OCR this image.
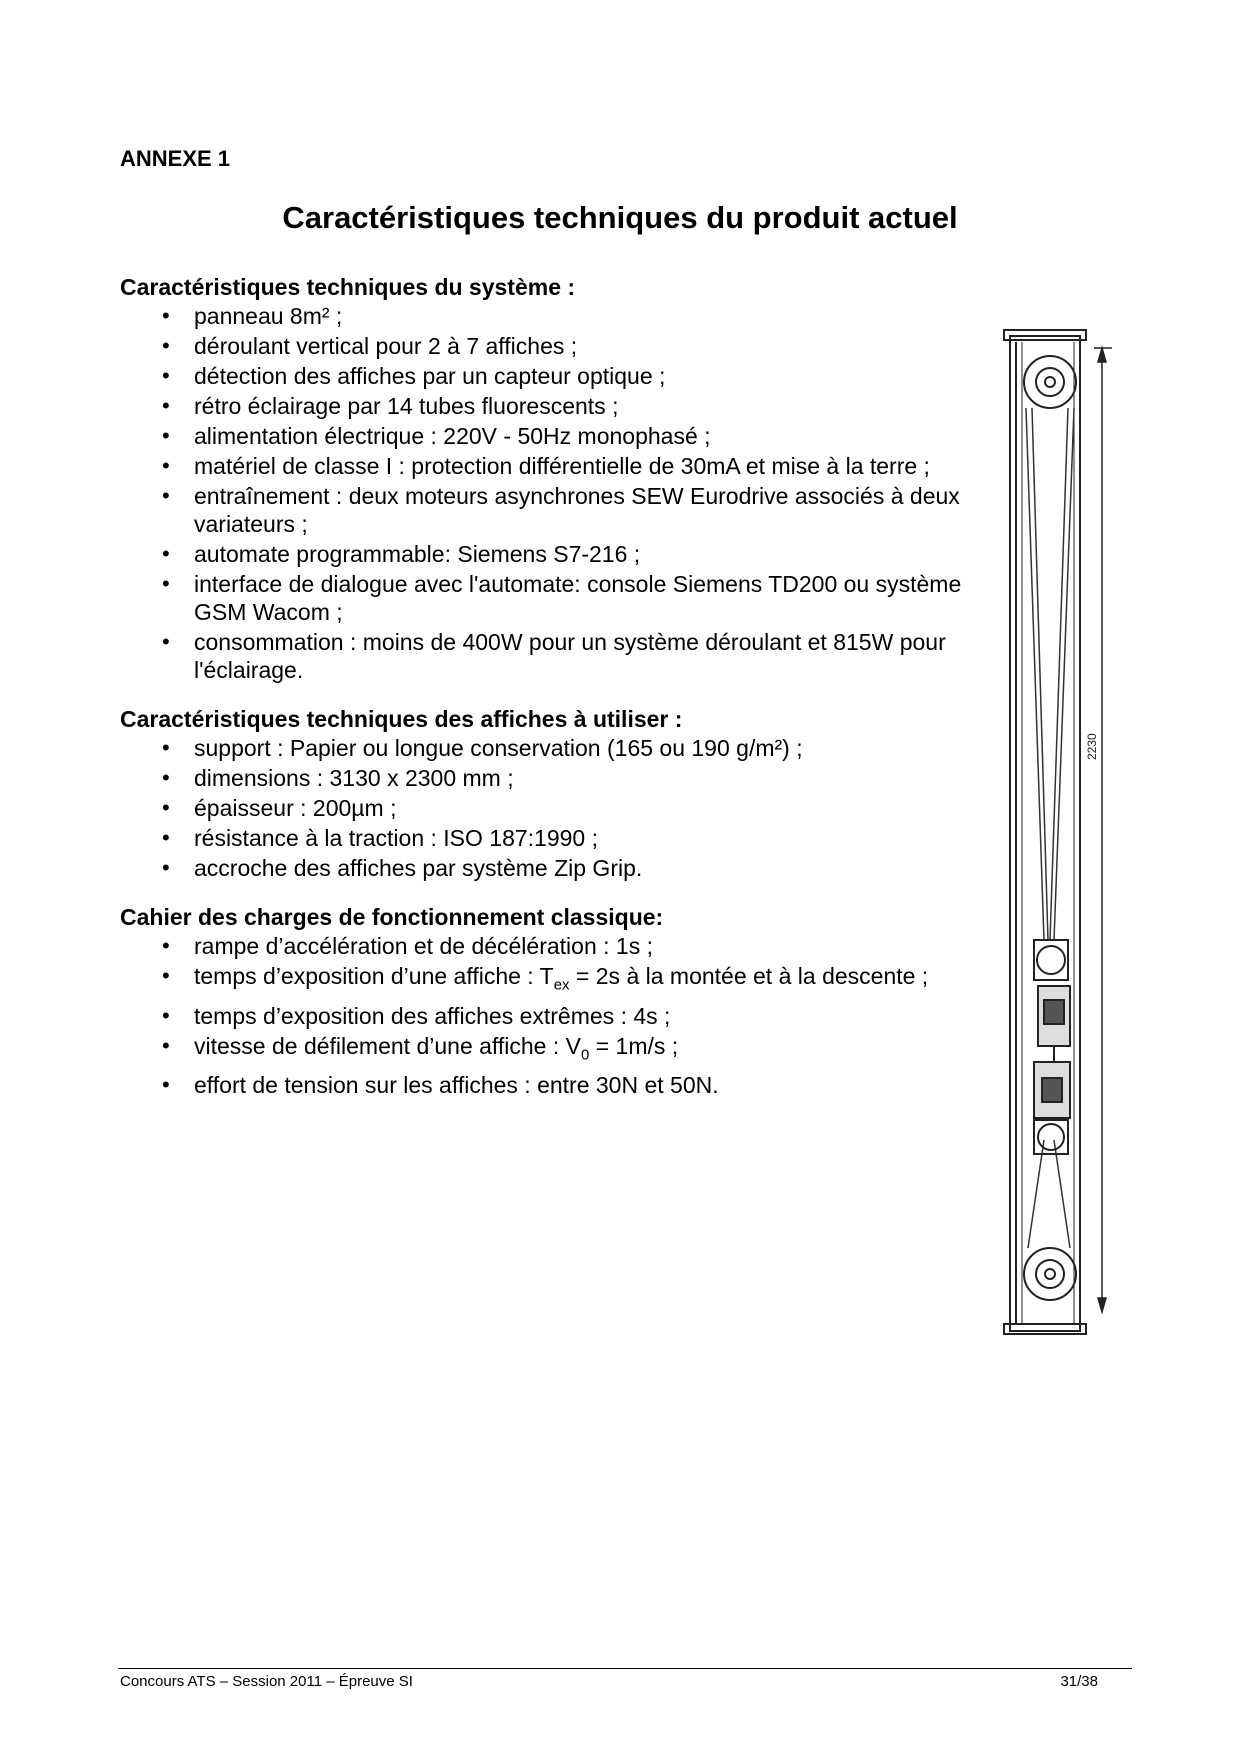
ANNEXE 1
Caractéristiques techniques du produit actuel
Caractéristiques techniques du système :
• panneau 8m² ;
• déroulant vertical pour 2 à 7 affiches ;
• détection des affiches par un capteur optique ;
• rétro éclairage par 14 tubes fluorescents ;
• alimentation électrique : 220V - 50Hz monophasé ;
• matériel de classe I : protection différentielle de 30mA et mise à la terre ;
• entraînement : deux moteurs asynchrones SEW Eurodrive associés à deux variateurs ;
• automate programmable: Siemens S7-216 ;
• interface de dialogue avec l'automate: console Siemens TD200 ou système GSM Wacom ;
• consommation : moins de 400W pour un système déroulant et 815W pour l'éclairage.
Caractéristiques techniques des affiches à utiliser :
• support : Papier ou longue conservation (165 ou 190 g/m²) ;
• dimensions : 3130 x 2300 mm ;
• épaisseur : 200µm ;
• résistance à la traction : ISO 187:1990 ;
• accroche des affiches par système Zip Grip.
Cahier des charges de fonctionnement classique:
• rampe d’accélération et de décélération : 1s ;
• temps d’exposition d’une affiche : $T_{ex} = 2s$ à la montée et à la descente ;
• temps d’exposition des affiches extrêmes : 4s ;
• vitesse de défilement d’une affiche : $V_0 = 1m/s$ ;
• effort de tension sur les affiches : entre 30N et 50N.
2230
Concours ATS – Session 2011 – Épreuve SI	31/38
